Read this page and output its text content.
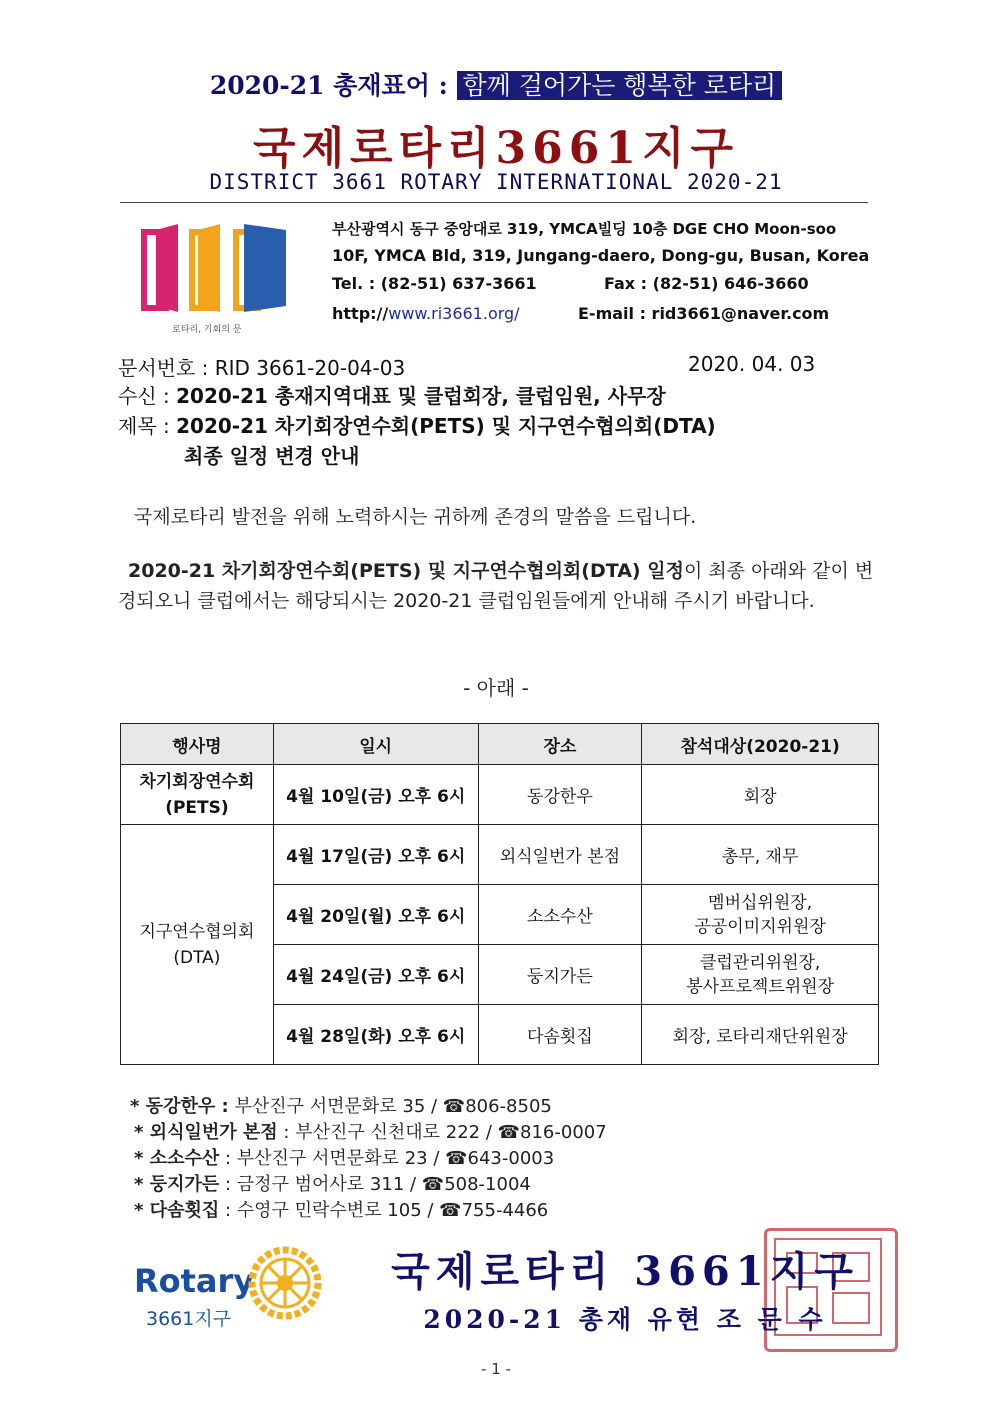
2020-21 총재표어 : 함께 걸어가는 행복한 로타리
국제로타리3661지구
DISTRICT 3661 ROTARY INTERNATIONAL 2020-21
로타리, 기회의 문
부산광역시 동구 중앙대로 319, YMCA빌딩 10층 DGE CHO Moon-soo
10F, YMCA Bld, 319, Jungang-daero, Dong-gu, Busan, Korea
Tel. : (82-51) 637-3661	Fax : (82-51) 646-3660
http://www.ri3661.org/	E-mail : rid3661@naver.com
문서번호 : RID 3661-20-04-03	2020. 04. 03
수신 : 2020-21 총재지역대표 및 클럽회장, 클럽임원, 사무장
제목 : 2020-21 차기회장연수회(PETS) 및 지구연수협의회(DTA)
최종 일정 변경 안내
국제로타리 발전을 위해 노력하시는 귀하께 존경의 말씀을 드립니다.
2020-21 차기회장연수회(PETS) 및 지구연수협의회(DTA) 일정이 최종 아래와 같이 변경되오니 클럽에서는 해당되시는 2020-21 클럽임원들에게 안내해 주시기 바랍니다.
- 아래 -
행사명	일시	장소	참석대상(2020-21)
차기회장연수회
(PETS)	4월 10일(금) 오후 6시	동강한우	회장
지구연수협의회
(DTA)	4월 17일(금) 오후 6시	외식일번가 본점	총무, 재무
	4월 20일(월) 오후 6시	소소수산	멤버십위원장,
공공이미지위원장
	4월 24일(금) 오후 6시	둥지가든	클럽관리위원장,
봉사프로젝트위원장
	4월 28일(화) 오후 6시	다솜횟집	회장, 로타리재단위원장
* 동강한우 : 부산진구 서면문화로 35 / ☎806-8505
* 외식일번가 본점 : 부산진구 신천대로 222 / ☎816-0007
* 소소수산 : 부산진구 서면문화로 23 / ☎643-0003
* 둥지가든 : 금정구 범어사로 311 / ☎508-1004
* 다솜횟집 : 수영구 민락수변로 105 / ☎755-4466
Rotary
3661지구
국제로타리 3661지구
2020-21 총재 유현 조 문 수
- 1 -
